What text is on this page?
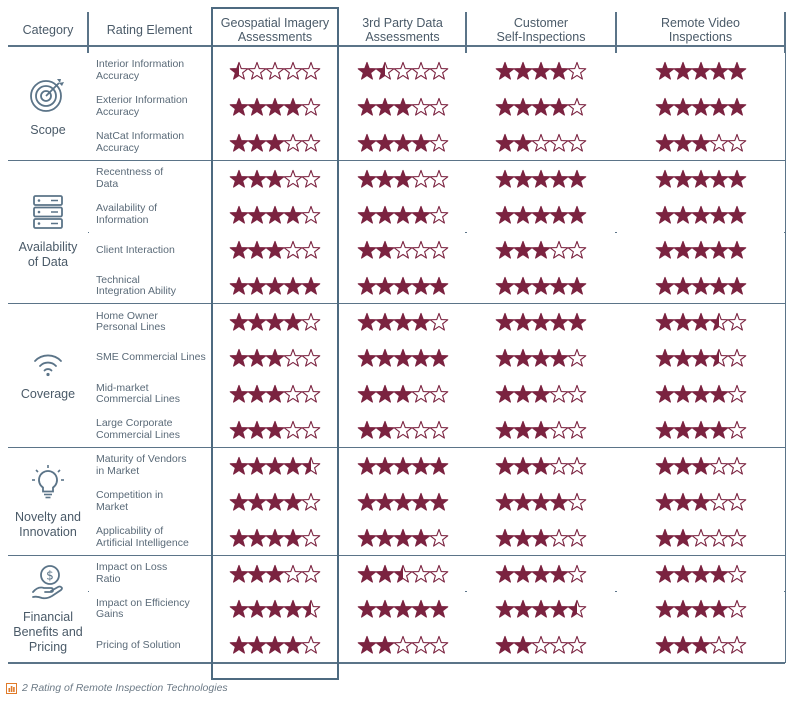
Category	Rating Element	Geospatial Imagery
Assessments
3rd Party Data
Assessments
Customer
Self-Inspections
Remote Video
Inspections
Scope
Interior Information
Accuracy
Exterior Information
Accuracy
NatCat Information
Accuracy
Availability
of Data
Recentness of
Data
Availability of
Information
Client Interaction
Technical
Integration Ability
Coverage
Home Owner
Personal Lines
SME Commercial Lines
Mid-market
Commercial Lines
Large Corporate
Commercial Lines
Novelty and
Innovation
Maturity of Vendors
in Market
Competition in
Market
Applicability of
Artificial Intelligence
$
Financial
Benefits and
Pricing
Impact on Loss
Ratio
Impact on Efficiency
Gains
Pricing of Solution
2 Rating of Remote Inspection Technologies
